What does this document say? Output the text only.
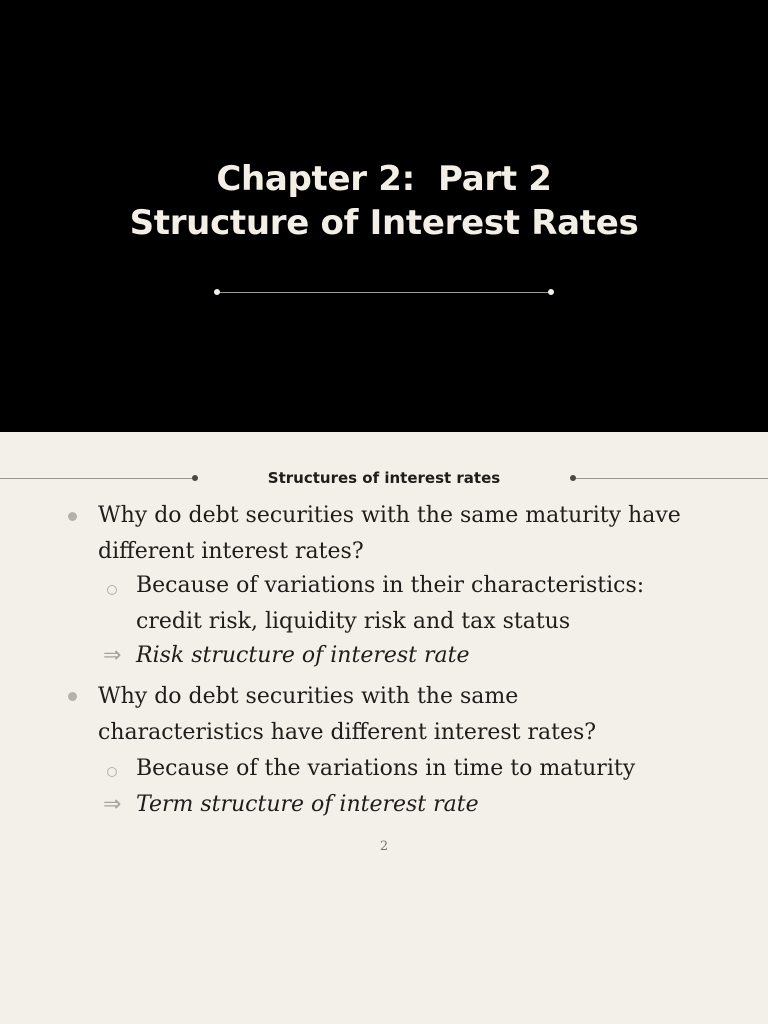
Chapter 2:  Part 2
Structure of Interest Rates
Structures of interest rates
Why do debt securities with the same maturity have
different interest rates?
Because of variations in their characteristics:
credit risk, liquidity risk and tax status
⇒ Risk structure of interest rate
Why do debt securities with the same
characteristics have different interest rates?
Because of the variations in time to maturity
⇒ Term structure of interest rate
2
